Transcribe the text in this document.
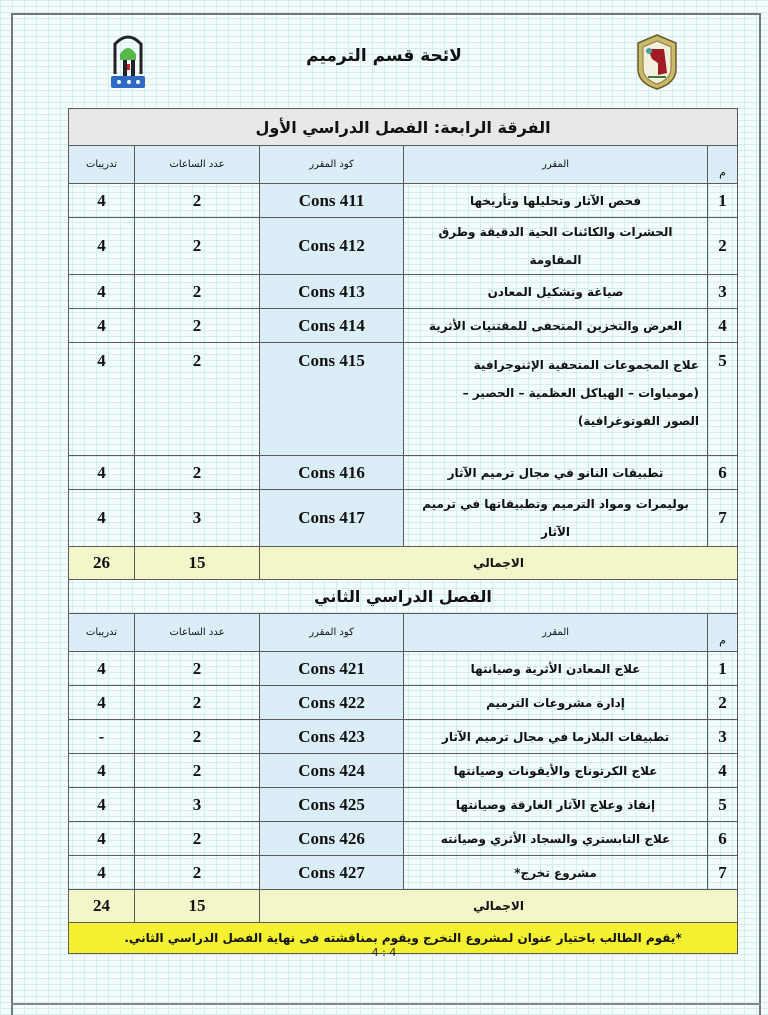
لائحة قسم الترميم
الفرقة الرابعة: الفصل الدراسي الأول				
م	المقرر	كود المقرر	عدد الساعات	تدريبات
1	فحص الآثار وتحليلها وتأريخها	Cons 411	2	4
2	الحشرات والكائنات الحية الدقيقة وطرق المقاومة	Cons 412	2	4
3	صياغة وتشكيل المعادن	Cons 413	2	4
4	العرض والتخزين المتحفى للمقتنيات الأثرية	Cons 414	2	4
5	علاج المجموعات المتحفية الإثنوجرافية (مومياوات – الهياكل العظمية – الحصير – الصور الفوتوغرافية)	Cons 415	2	4
6	تطبيقات النانو في مجال ترميم الآثار	Cons 416	2	4
7	بوليمرات ومواد الترميم وتطبيقاتها في ترميم الآثار	Cons 417	3	4
الاجمالي			15	26
الفصل الدراسي الثاني				
م	المقرر	كود المقرر	عدد الساعات	تدريبات
1	علاج المعادن الأثرية وصيانتها	Cons 421	2	4
2	إدارة مشروعات الترميم	Cons 422	2	4
3	تطبيقات البلازما في مجال ترميم الآثار	Cons 423	2	-
4	علاج الكرتوناج والأيقونات وصيانتها	Cons 424	2	4
5	إنقاذ وعلاج الآثار الغارقة وصيانتها	Cons 425	3	4
6	علاج التابستري والسجاد الأثري وصيانته	Cons 426	2	4
7	مشروع تخرج*	Cons 427	2	4
الاجمالي			15	24
*يقوم الطالب باختيار عنوان لمشروع التخرج ويقوم بمناقشته فى نهاية الفصل الدراسي الثاني.				
4 : 4
